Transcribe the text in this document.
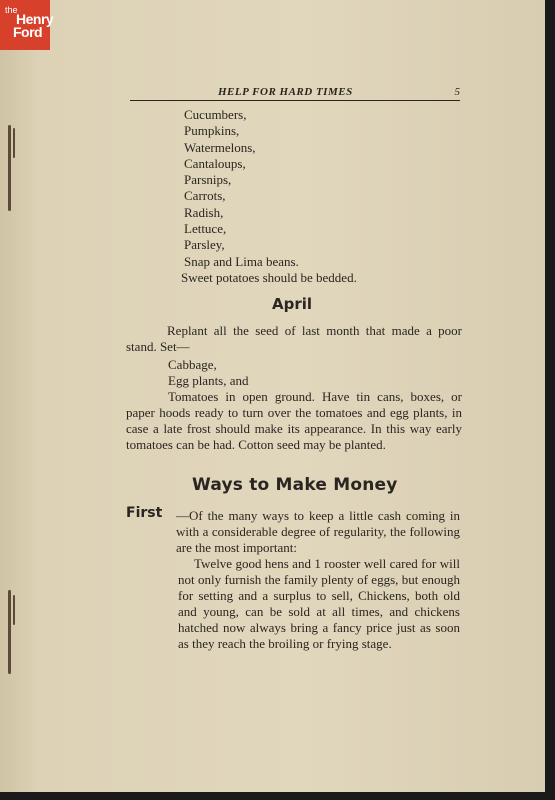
the
Henry
Ford
HELP FOR HARD TIMES	5
Cucumbers,
Pumpkins,
Watermelons,
Cantaloups,
Parsnips,
Carrots,
Radish,
Lettuce,
Parsley,
Snap and Lima beans.
Sweet potatoes should be bedded.
April
Replant all the seed of last month that made a poor stand. Set—
Cabbage,
Egg plants, and
Tomatoes in open ground. Have tin cans, boxes, or paper hoods ready to turn over the tomatoes and egg plants, in case a late frost should make its appearance. In this way early tomatoes can be had. Cotton seed may be planted.
Ways to Make Money
First —Of the many ways to keep a little cash coming in with a considerable degree of regularity, the following are the most important:
Twelve good hens and 1 rooster well cared for will not only furnish the family plenty of eggs, but enough for setting and a surplus to sell, Chickens, both old and young, can be sold at all times, and chickens hatched now always bring a fancy price just as soon as they reach the broiling or frying stage.
